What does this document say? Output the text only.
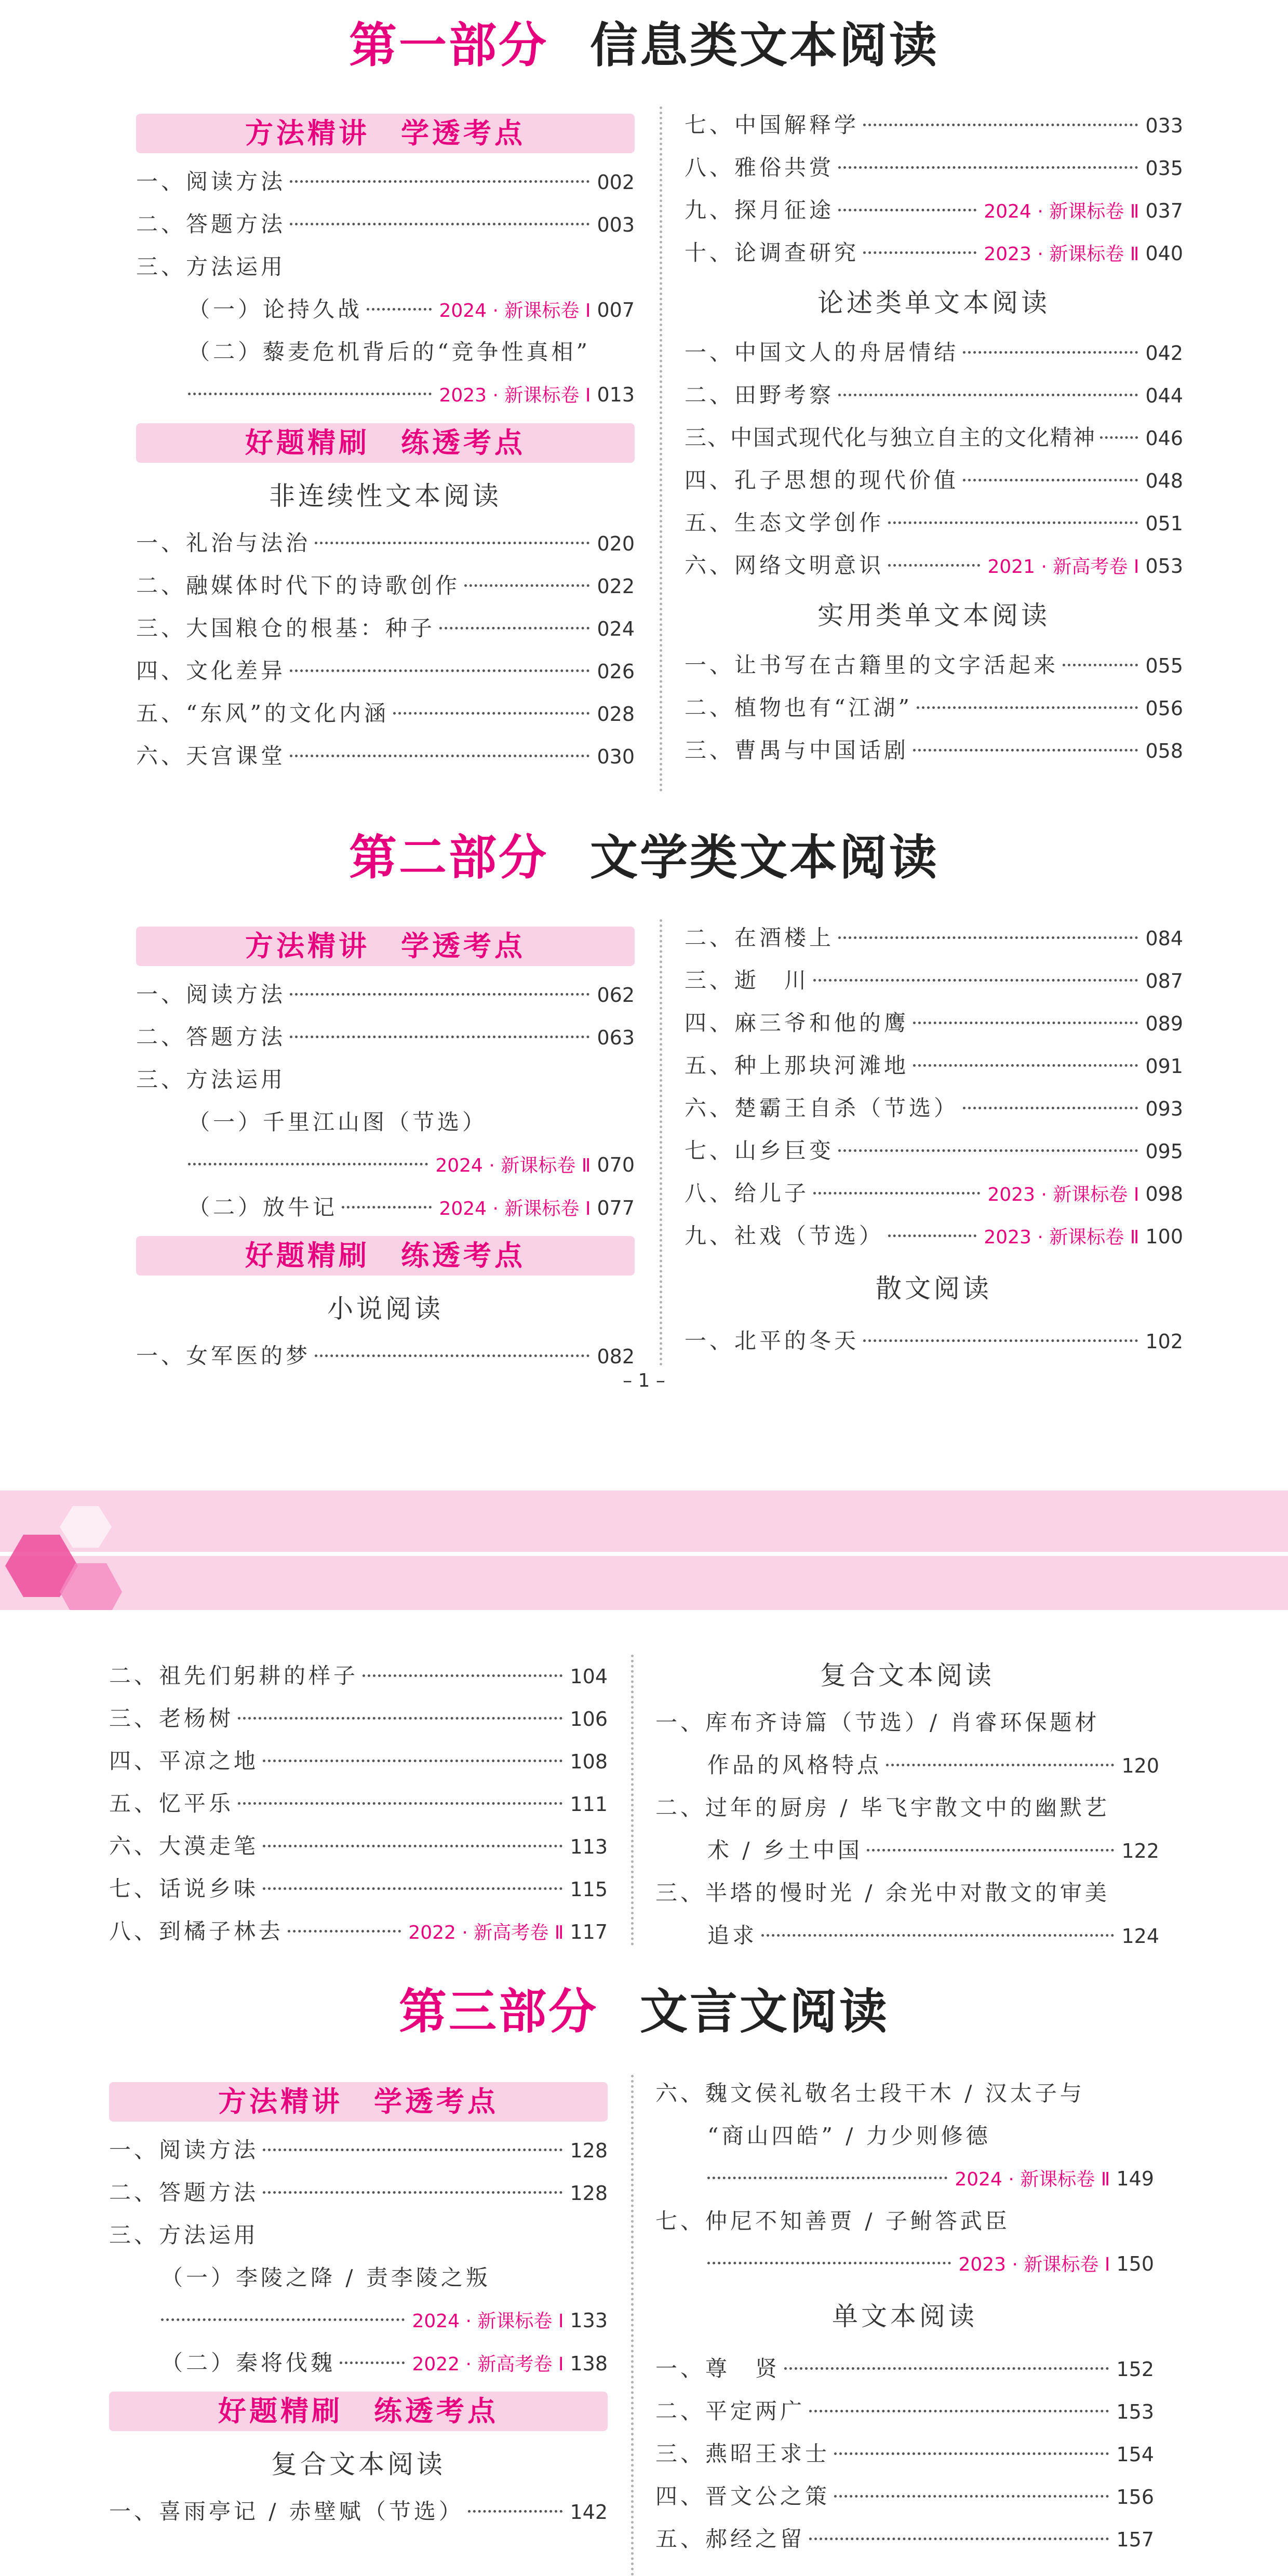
第一部分 信息类文本阅读
方法精讲 学透考点
一、阅读方法	002
二、答题方法	003
三、方法运用
（一）论持久战	2024 · 新课标卷 Ⅰ 007
（二）藜麦危机背后的“竞争性真相”
2023 · 新课标卷 Ⅰ 013
好题精刷 练透考点
非连续性文本阅读
一、礼治与法治	020
二、融媒体时代下的诗歌创作	022
三、大国粮仓的根基：种子	024
四、文化差异	026
五、“东风”的文化内涵	028
六、天宫课堂	030
七、中国解释学	033
八、雅俗共赏	035
九、探月征途	2024 · 新课标卷 Ⅱ 037
十、论调查研究	2023 · 新课标卷 Ⅱ 040
论述类单文本阅读
一、中国文人的舟居情结	042
二、田野考察	044
三、中国式现代化与独立自主的文化精神	046
四、孔子思想的现代价值	048
五、生态文学创作	051
六、网络文明意识	2021 · 新高考卷 Ⅰ 053
实用类单文本阅读
一、让书写在古籍里的文字活起来	055
二、植物也有“江湖”	056
三、曹禺与中国话剧	058
第二部分 文学类文本阅读
方法精讲 学透考点
一、阅读方法	062
二、答题方法	063
三、方法运用
（一）千里江山图（节选）
2024 · 新课标卷 Ⅱ 070
（二）放牛记	2024 · 新课标卷 Ⅰ 077
好题精刷 练透考点
小说阅读
一、女军医的梦	082
二、在酒楼上	084
三、逝　川	087
四、麻三爷和他的鹰	089
五、种上那块河滩地	091
六、楚霸王自杀（节选）	093
七、山乡巨变	095
八、给儿子	2023 · 新课标卷 Ⅰ 098
九、社戏（节选）	2023 · 新课标卷 Ⅱ 100
散文阅读
一、北平的冬天	102
– 1 –
二、祖先们躬耕的样子	104
三、老杨树	106
四、平凉之地	108
五、忆平乐	111
六、大漠走笔	113
七、话说乡味	115
八、到橘子林去	2022 · 新高考卷 Ⅱ 117
复合文本阅读
一、库布齐诗篇（节选）/ 肖睿环保题材
作品的风格特点	120
二、过年的厨房 / 毕飞宇散文中的幽默艺
术 / 乡土中国	122
三、半塔的慢时光 / 余光中对散文的审美
追求	124
第三部分 文言文阅读
方法精讲 学透考点
一、阅读方法	128
二、答题方法	128
三、方法运用
（一）李陵之降 / 责李陵之叛
2024 · 新课标卷 Ⅰ 133
（二）秦将伐魏	2022 · 新高考卷 Ⅰ 138
好题精刷 练透考点
复合文本阅读
一、喜雨亭记 / 赤壁赋（节选）	142
六、魏文侯礼敬名士段干木 / 汉太子与
“商山四皓” / 力少则修德
2024 · 新课标卷 Ⅱ 149
七、仲尼不知善贾 / 子鲋答武臣
2023 · 新课标卷 Ⅰ 150
单文本阅读
一、尊　贤	152
二、平定两广	153
三、燕昭王求士	154
四、晋文公之策	156
五、郝经之留	157
